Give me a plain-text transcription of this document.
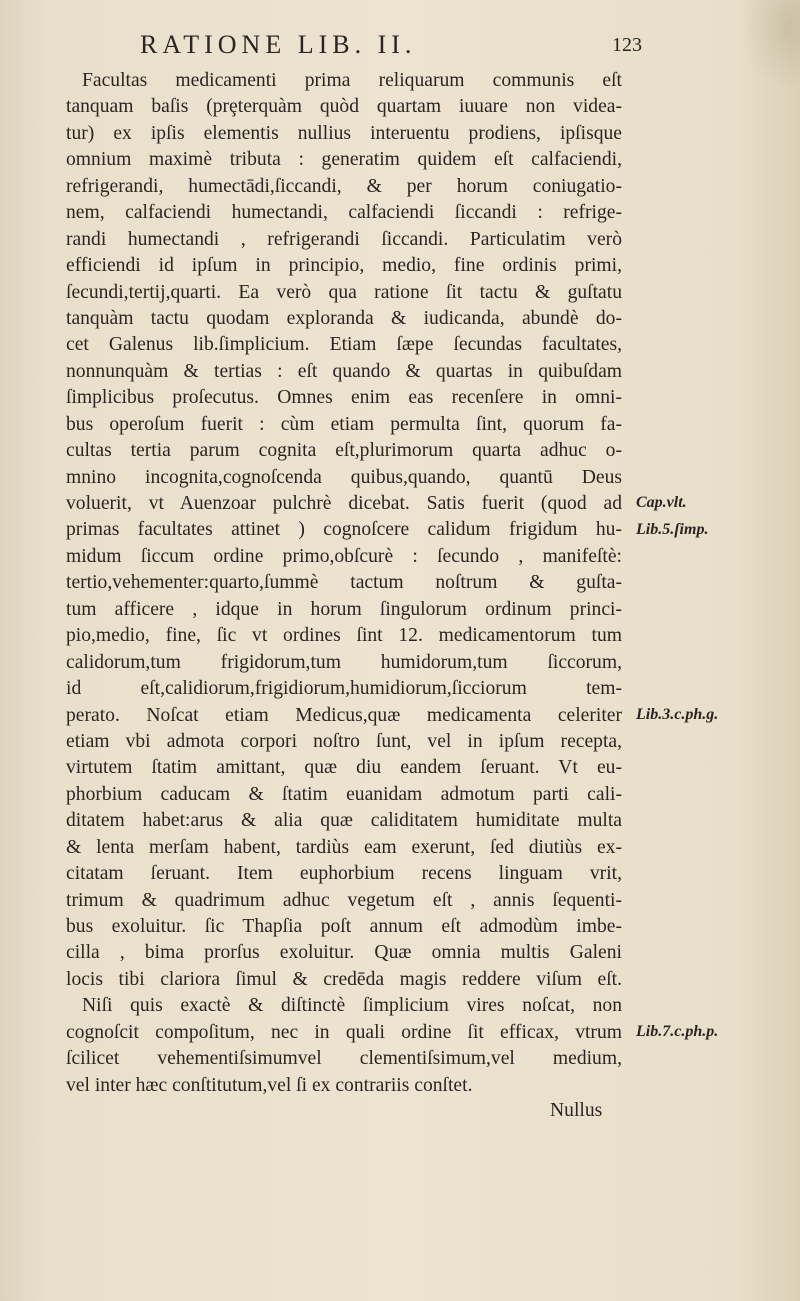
RATIONE LIB. II.	123
Facultas medicamenti prima reliquarum communis eſt
tanquam baſis (prȩterquàm quòd quartam iuuare non videa-
tur) ex ipſis elementis nullius interuentu prodiens, ipſisque
omnium maximè tributa : generatim quidem eſt calfaciendi,
refrigerandi, humectādi,ſiccandi, & per horum coniugatio-
nem, calfaciendi humectandi, calfaciendi ſiccandi : refrige-
randi humectandi , refrigerandi ſiccandi. Particulatim verò
efficiendi id ipſum in principio, medio, fine ordinis primi,
ſecundi,tertij,quarti. Ea verò qua ratione ſit tactu & guſtatu
tanquàm tactu quodam exploranda & iudicanda, abundè do-
cet Galenus lib.ſimplicium. Etiam ſæpe ſecundas facultates,
nonnunquàm & tertias : eſt quando & quartas in quibuſdam
ſimplicibus proſecutus. Omnes enim eas recenſere in omni-
bus operoſum fuerit : cùm etiam permulta ſint, quorum fa-
cultas tertia parum cognita eſt,plurimorum quarta adhuc o-
mnino incognita,cognoſcenda quibus,quando, quantū Deus
voluerit, vt Auenzoar pulchrè dicebat. Satis fuerit (quod ad
primas facultates attinet ) cognoſcere calidum frigidum hu-
midum ſiccum ordine primo,obſcurè : ſecundo , manifeſtè:
tertio,vehementer:quarto,ſummè tactum noſtrum & guſta-
tum afficere , idque in horum ſingulorum ordinum princi-
pio,medio, fine, ſic vt ordines ſint 12. medicamentorum tum
calidorum,tum frigidorum,tum humidorum,tum ſiccorum,
id eſt,calidiorum,frigidiorum,humidiorum,ſicciorum tem-
perato. Noſcat etiam Medicus,quæ medicamenta celeriter
etiam vbi admota corpori noſtro ſunt, vel in ipſum recepta,
virtutem ſtatim amittant, quæ diu eandem ſeruant. Vt eu-
phorbium caducam & ſtatim euanidam admotum parti cali-
ditatem habet:arus & alia quæ caliditatem humiditate multa
& lenta merſam habent, tardiùs eam exerunt, ſed diutiùs ex-
citatam ſeruant. Item euphorbium recens linguam vrit,
trimum & quadrimum adhuc vegetum eſt , annis ſequenti-
bus exoluitur. ſic Thapſia poſt annum eſt admodùm imbe-
cilla , bima prorſus exoluitur. Quæ omnia multis Galeni
locis tibi clariora ſimul & credēda magis reddere viſum eſt.
Niſi quis exactè & diſtinctè ſimplicium vires noſcat, non
cognoſcit compoſitum, nec in quali ordine ſit efficax, vtrum
ſcilicet vehementiſsimumvel clementiſsimum,vel medium,
vel inter hæc conſtitutum,vel ſi ex contrariis conſtet.
Nullus
Cap.vlt.
Lib.5.ſimp.
Lib.3.c.ph.g.
Lib.7.c.ph.p.
